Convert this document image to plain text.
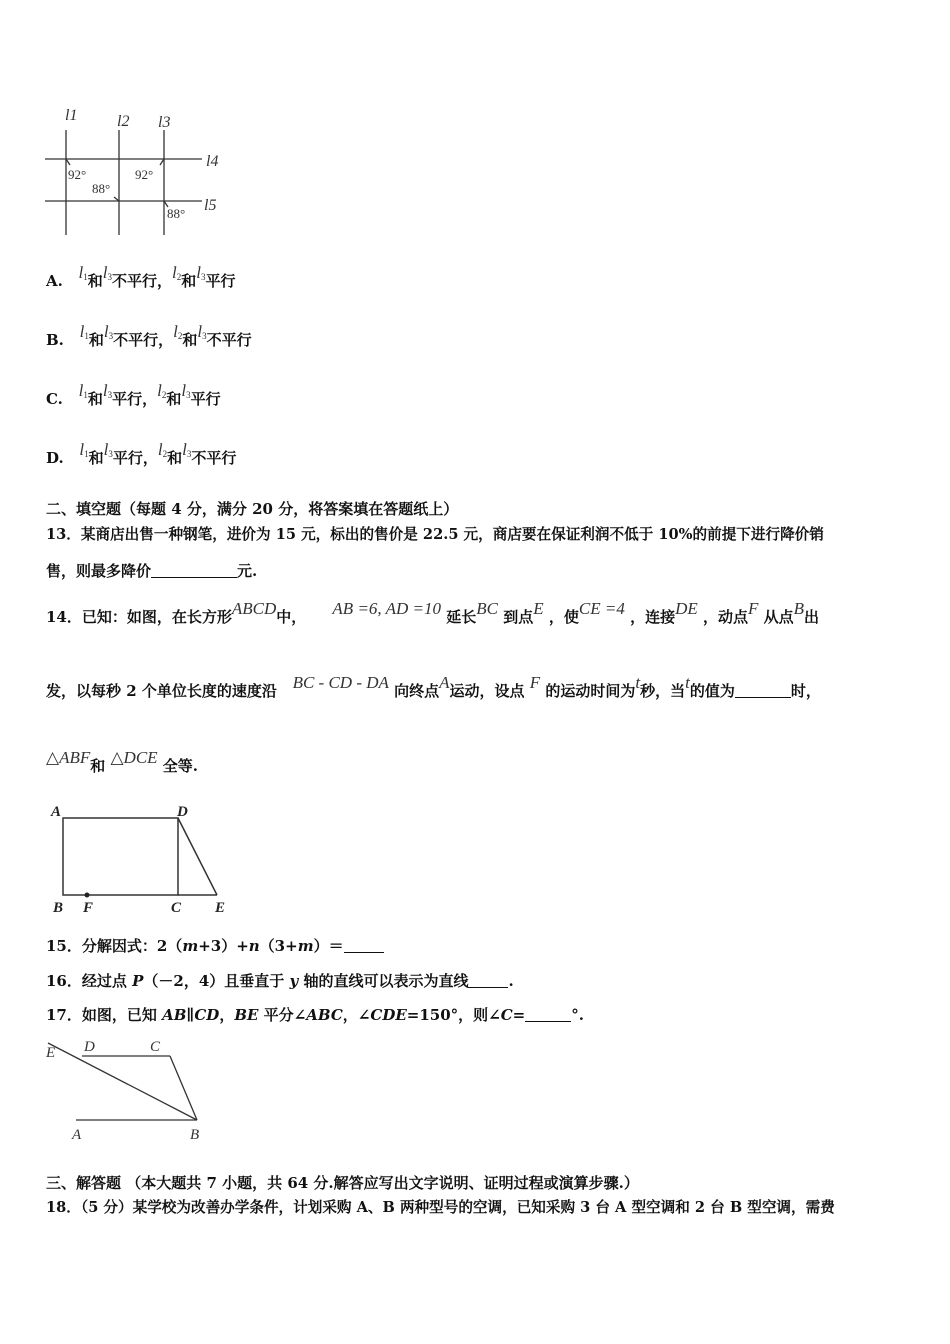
l1 l2 l3
l4
l5
92°
88°
92°
88°
A. $l_1$和$l_3$不平行，$l_2$和$l_3$平行
B. $l_1$和$l_3$不平行，$l_2$和$l_3$不平行
C. $l_1$和$l_3$平行，$l_2$和$l_3$平行
D. $l_1$和$l_3$平行，$l_2$和$l_3$不平行
二、填空题（每题 4 分，满分 20 分，将答案填在答题纸上）
13．某商店出售一种钢笔，进价为 15 元，标出的售价是 22.5 元，商店要在保证利润不低于 10%的前提下进行降价销
售，则最多降价	元.
14．已知：如图，在长方形ABCD中， AB =6, AD =10 延长BC 到点E ，使CE =4 ，连接DE ，动点F 从点B出
发，以每秒 2 个单位长度的速度沿 BC - CD - DA 向终点A运动，设点 F 的运动时间为t秒，当t的值为	时，
△ABF和 △DCE 全等.
A	D
B F	C E
15．分解因式：2（m+3）+n（3+m）＝
16．经过点 P（－2，4）且垂直于 y 轴的直线可以表示为直线	.
17．如图，已知 AB∥CD，BE 平分∠ABC，∠CDE=150°，则∠C=	°.
E D	C
A	B
三、解答题 （本大题共 7 小题，共 64 分.解答应写出文字说明、证明过程或演算步骤.）
18．（5 分）某学校为改善办学条件，计划采购 A、B 两种型号的空调，已知采购 3 台 A 型空调和 2 台 B 型空调，需费
